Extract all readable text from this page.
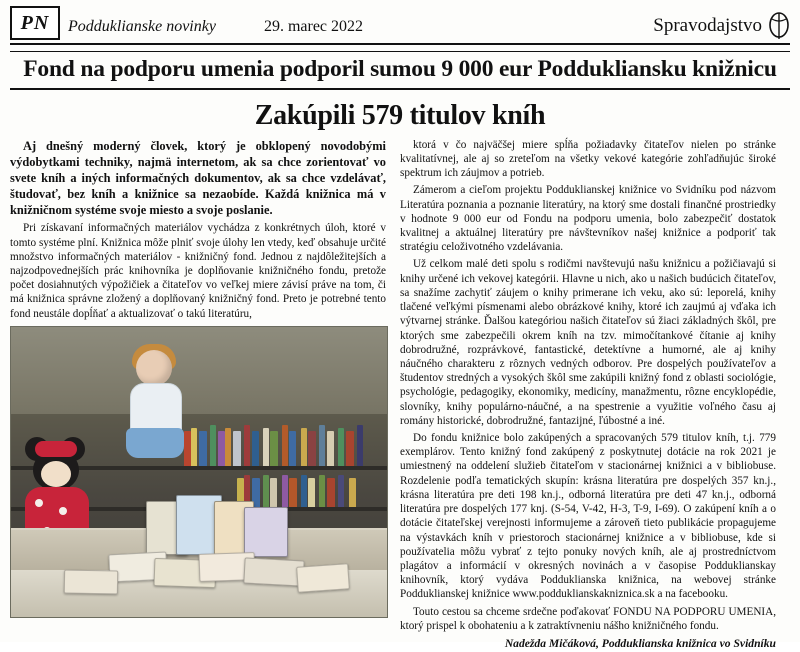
PN	Podduklianske novinky	29. marec 2022	Spravodajstvo
Fond na podporu umenia podporil sumou 9 000 eur Poddukliansku knižnicu
Zakúpili 579 titulov kníh

Aj dnešný moderný človek, ktorý je obklopený novodobými výdobytkami techniky, najmä internetom, ak sa chce zorientovať vo svete kníh a iných informačných dokumentov, ak sa chce vzdelávať, študovať, bez kníh a knižnice sa nezaobíde. Každá knižnica má v knižničnom systéme svoje miesto a svoje poslanie.

Pri získavaní informačných materiálov vychádza z konkrétnych úloh, ktoré v tomto systéme plní. Knižnica môže plniť svoje úlohy len vtedy, keď obsahuje určité množstvo informačných materiálov - knižničný fond. Jednou z najdôležitejších a najzodpovednejších prác knihovníka je doplňovanie knižničného fondu, pretože počet dosiahnutých výpožičiek a čitateľov vo veľkej miere závisí práve na tom, či má knižnica správne zložený a doplňovaný knižničný fond. Preto je potrebné tento fond neustále dopĺňať a aktualizovať o takú literatúru,

ktorá v čo najväčšej miere spĺňa požiadavky čitateľov nielen po stránke kvalitatívnej, ale aj so zreteľom na všetky vekové kategórie zohľadňujúc široké spektrum ich záujmov a potrieb.

Zámerom a cieľom projektu Podduklianskej knižnice vo Svidníku pod názvom Literatúra poznania a poznanie literatúry, na ktorý sme dostali finančné prostriedky v hodnote 9 000 eur od Fondu na podporu umenia, bolo zabezpečiť dostatok kvalitnej a aktuálnej literatúry pre návštevníkov našej knižnice a podporiť tak stratégiu celoživotného vzdelávania.

Už celkom malé deti spolu s rodičmi navštevujú našu knižnicu a požičiavajú si knihy určené ich vekovej kategórii. Hlavne u nich, ako u našich budúcich čitateľov, sa snažíme zachytiť záujem o knihy primerane ich veku, ako sú: leporelá, knihy tlačené veľkými písmenami alebo obrázkové knihy, ktoré ich zaujmú aj vďaka ich výtvarnej stránke. Ďalšou kategóriou našich čitateľov sú žiaci základných škôl, pre ktorých sme zabezpečili okrem kníh na tzv. mimočítankové čítanie aj knihy dobrodružné, rozprávkové, fantastické, detektívne a humorné, ale aj knihy náučného charakteru z rôznych vedných odborov. Pre dospelých používateľov a študentov stredných a vysokých škôl sme zakúpili knižný fond z oblasti sociológie, psychológie, pedagogiky, ekonomiky, medicíny, manažmentu, rôzne encyklopédie, slovníky, knihy populárno-náučné, a na spestrenie a využitie voľného času aj romány historické, dobrodružné, fantazijné, ľúbostné a iné.

Do fondu knižnice bolo zakúpených a spracovaných 579 titulov kníh, t.j. 779 exemplárov. Tento knižný fond zakúpený z poskytnutej dotácie na rok 2021 je umiestnený na oddelení služieb čitateľom v stacionárnej knižnici a v bibliobuse. Rozdelenie podľa tematických skupín: krásna literatúra pre dospelých 357 kn.j., krásna literatúra pre deti 198 kn.j., odborná literatúra pre deti 47 kn.j., odborná literatúra pre dospelých 177 knj. (S-54, V-42, H-3, T-9, I-69). O zakúpení kníh a o dotácie čitateľskej verejnosti informujeme a zároveň tieto publikácie propagujeme na výstavkách kníh v priestoroch stacionárnej knižnice a v bibliobuse, kde si používatelia môžu vybrať z tejto ponuky nových kníh, ale aj prostredníctvom plagátov a informácií v okresných novinách a v časopise Podduklianskay knihovník, ktorý vydáva Podduklianska knižnica, na webovej stránke Podduklianskej knižnice www.podduklianskakniznica.sk a na facebooku.

Touto cestou sa chceme srdečne poďakovať FONDU NA PODPORU UMENIA, ktorý prispel k obohateniu a k zatraktívneniu nášho knižničného fondu.

Nadežda Mičáková, Podduklianska knižnica vo Svidníku
